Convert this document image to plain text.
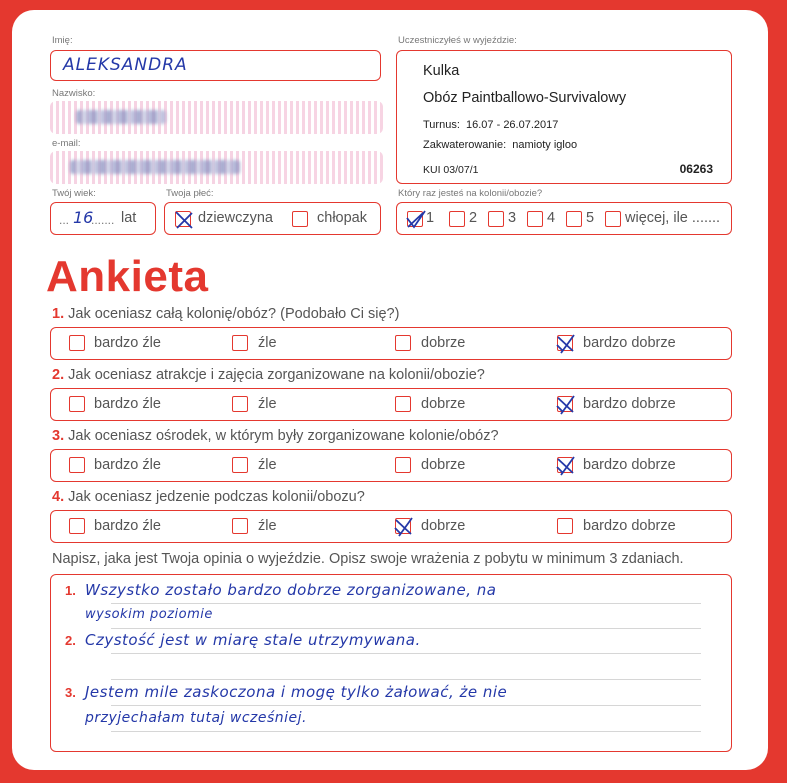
Imię:
ALEKSANDRA
Nazwisko:
e-mail:
Twój wiek:
... 16
....... lat
Twoja płeć:
dziewczyna	chłopak
Uczestniczyłeś w wyjeździe:
Kulka
Obóz Paintballowo-Survivalowy
Turnus: 16.07 - 26.07.2017
Zakwaterowanie: namioty igloo
KUI 03/07/1	06263
Który raz jesteś na kolonii/obozie?
1 2 3 4 5 więcej, ile .......
Ankieta
1. Jak oceniasz całą kolonię/obóz? (Podobało Ci się?)
bardzo źle	źle	dobrze	bardzo dobrze
2. Jak oceniasz atrakcje i zajęcia zorganizowane na kolonii/obozie?
bardzo źle	źle	dobrze	bardzo dobrze
3. Jak oceniasz ośrodek, w którym były zorganizowane kolonie/obóz?
bardzo źle	źle	dobrze	bardzo dobrze
4. Jak oceniasz jedzenie podczas kolonii/obozu?
bardzo źle	źle	dobrze	bardzo dobrze
Napisz, jaka jest Twoja opinia o wyjeździe. Opisz swoje wrażenia z pobytu w minimum 3 zdaniach.
1. Wszystko zostało bardzo dobrze zorganizowane, na
wysokim poziomie
2. Czystość jest w miarę stale utrzymywana.
3. Jestem mile zaskoczona i mogę tylko żałować, że nie
przyjechałam tutaj wcześniej.
